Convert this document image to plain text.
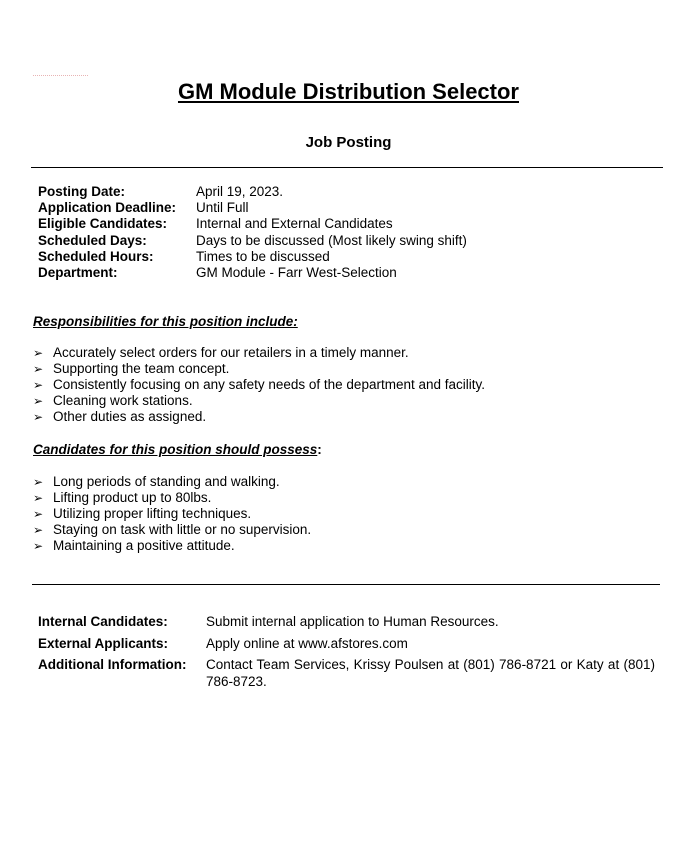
GM Module Distribution Selector
Job Posting
Posting Date:	April 19, 2023.
Application Deadline: Until Full
Eligible Candidates: Internal and External Candidates
Scheduled Days:	Days to be discussed (Most likely swing shift)
Scheduled Hours:	Times to be discussed
Department:	GM Module - Farr West-Selection
Responsibilities for this position include:
➢ Accurately select orders for our retailers in a timely manner.
➢ Supporting the team concept.
➢ Consistently focusing on any safety needs of the department and facility.
➢ Cleaning work stations.
➢ Other duties as assigned.
Candidates for this position should possess:
➢ Long periods of standing and walking.
➢ Lifting product up to 80lbs.
➢ Utilizing proper lifting techniques.
➢ Staying on task with little or no supervision.
➢ Maintaining a positive attitude.
Internal Candidates:	Submit internal application to Human Resources.
External Applicants:	Apply online at www.afstores.com
Additional Information: Contact Team Services, Krissy Poulsen at (801) 786-8721 or Katy at (801) 786-8723.
